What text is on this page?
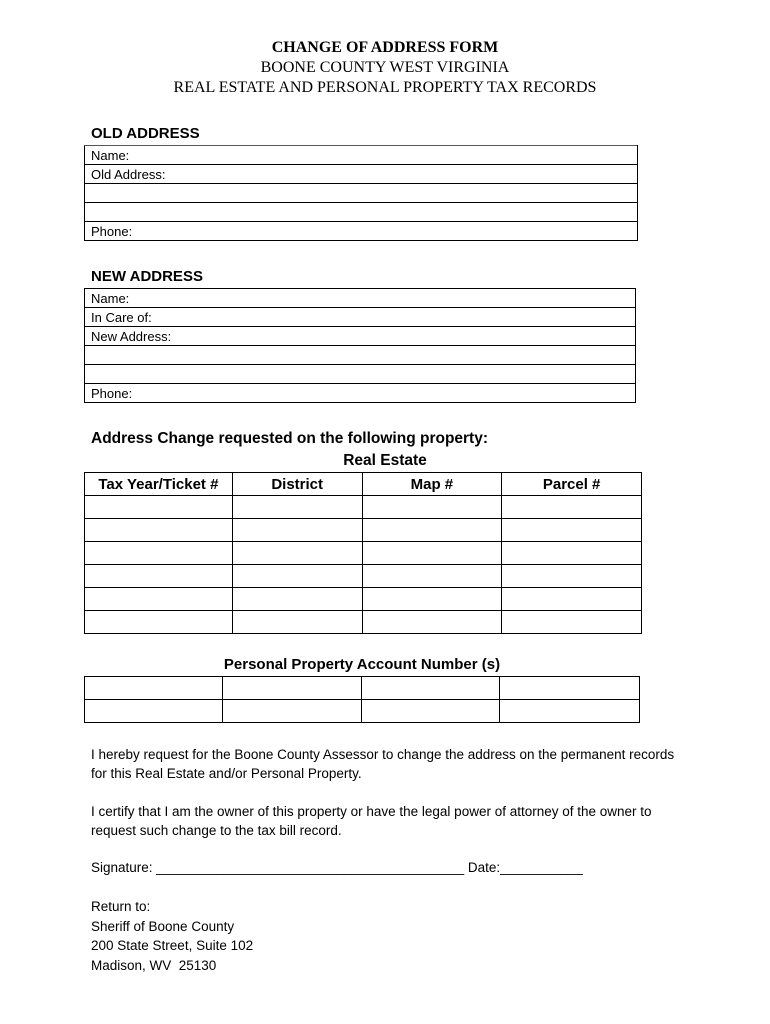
CHANGE OF ADDRESS FORM
BOONE COUNTY WEST VIRGINIA
REAL ESTATE AND PERSONAL PROPERTY TAX RECORDS
OLD ADDRESS
Name:
Old Address:

Phone:
NEW ADDRESS
Name:
In Care of:
New Address:

Phone:
Address Change requested on the following property:
Real Estate
Tax Year/Ticket #	District	Map #	Parcel #

Personal Property Account Number (s)

I hereby request for the Boone County Assessor to change the address on the permanent records for this Real Estate and/or Personal Property.
I certify that I am the owner of this property or have the legal power of attorney of the owner to request such change to the tax bill record.
Signature: _________________________________________ Date:___________
Return to:
Sheriff of Boone County
200 State Street, Suite 102
Madison, WV  25130
